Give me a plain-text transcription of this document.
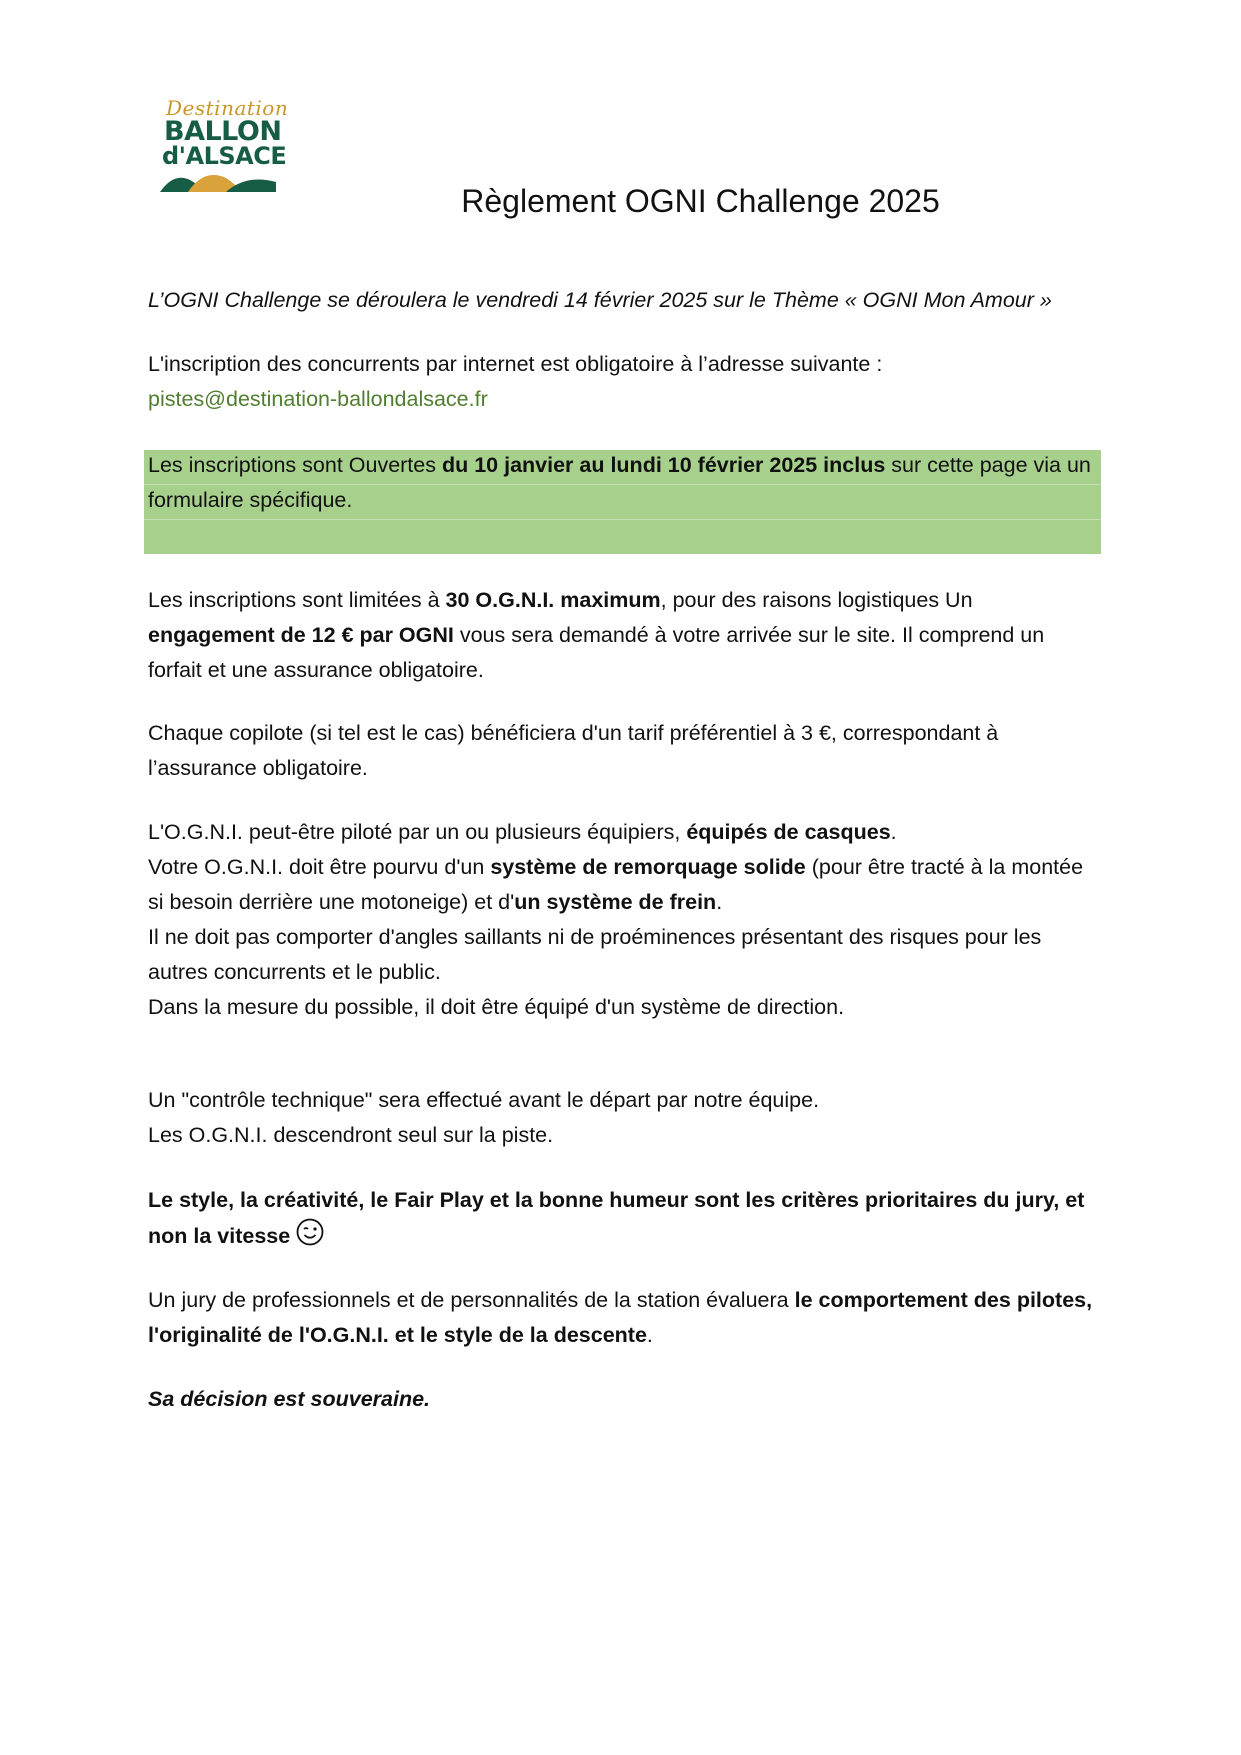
Destination
BALLON
d'ALSACE
Règlement OGNI Challenge 2025
L’OGNI Challenge se déroulera le vendredi 14 février 2025 sur le Thème « OGNI Mon Amour »
L'inscription des concurrents par internet est obligatoire à l’adresse suivante :
pistes@destination-ballondalsace.fr
Les inscriptions sont Ouvertes du 10 janvier au lundi 10 février 2025 inclus sur cette page via un formulaire spécifique.
Les inscriptions sont limitées à 30 O.G.N.I. maximum, pour des raisons logistiques Un engagement de 12 € par OGNI vous sera demandé à votre arrivée sur le site. Il comprend un forfait et une assurance obligatoire.
Chaque copilote (si tel est le cas) bénéficiera d'un tarif préférentiel à 3 €, correspondant à l’assurance obligatoire.
L'O.G.N.I. peut-être piloté par un ou plusieurs équipiers, équipés de casques.
Votre O.G.N.I. doit être pourvu d'un système de remorquage solide (pour être tracté à la montée si besoin derrière une motoneige) et d'un système de frein.
Il ne doit pas comporter d'angles saillants ni de proéminences présentant des risques pour les autres concurrents et le public.
Dans la mesure du possible, il doit être équipé d'un système de direction.
Un "contrôle technique" sera effectué avant le départ par notre équipe.
Les O.G.N.I. descendront seul sur la piste.
Le style, la créativité, le Fair Play et la bonne humeur sont les critères prioritaires du jury, et non la vitesse
Un jury de professionnels et de personnalités de la station évaluera le comportement des pilotes, l'originalité de l'O.G.N.I. et le style de la descente.
Sa décision est souveraine.
